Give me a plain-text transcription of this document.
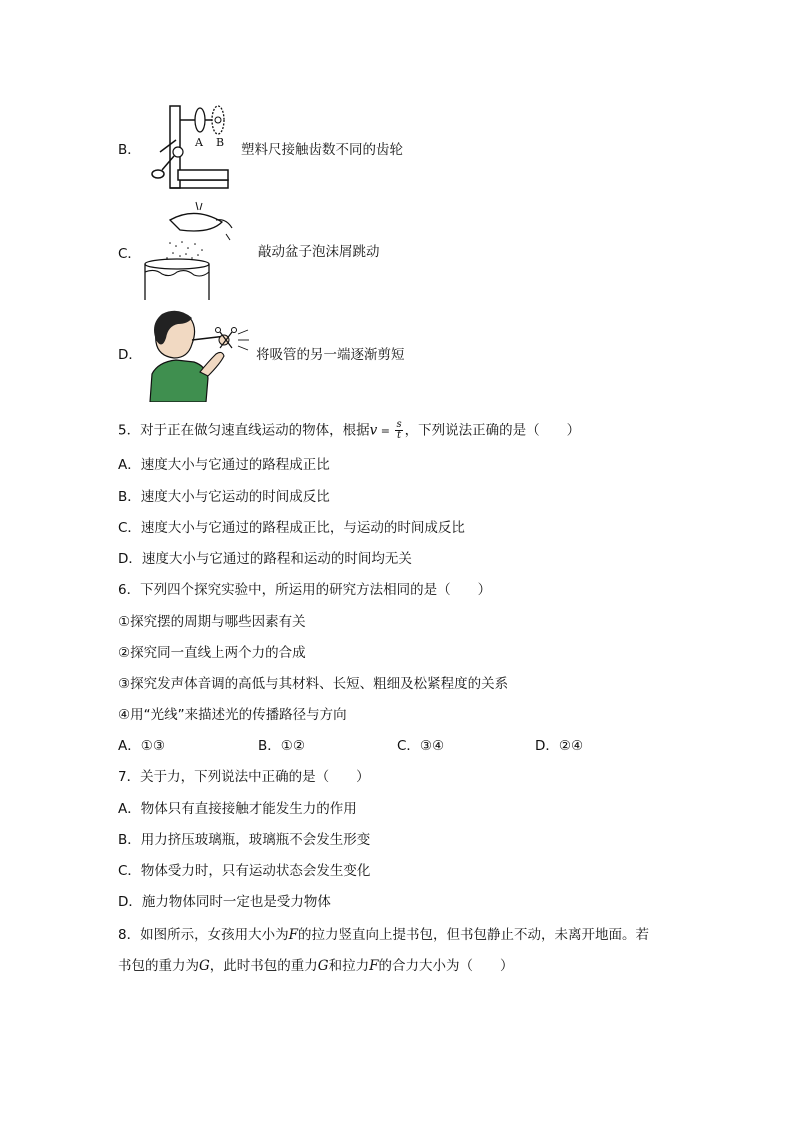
B．	A B 塑料尺接触齿数不同的齿轮
C．	敲动盆子泡沫屑跳动
D．	将吸管的另一端逐渐剪短
5．对于正在做匀速直线运动的物体，根据$v = \frac{s}{t}$ ，下列说法正确的是（　　）
A．速度大小与它通过的路程成正比
B．速度大小与它运动的时间成反比
C．速度大小与它通过的路程成正比，与运动的时间成反比
D．速度大小与它通过的路程和运动的时间均无关
6．下列四个探究实验中，所运用的研究方法相同的是（　　）
①探究摆的周期与哪些因素有关
②探究同一直线上两个力的合成
③探究发声体音调的高低与其材料、长短、粗细及松紧程度的关系
④用“光线”来描述光的传播路径与方向
A．①③	B．①②	C．③④	D．②④
7．关于力，下列说法中正确的是（　　）
A．物体只有直接接触才能发生力的作用
B．用力挤压玻璃瓶，玻璃瓶不会发生形变
C．物体受力时，只有运动状态会发生变化
D．施力物体同时一定也是受力物体
8．如图所示，女孩用大小为F的拉力竖直向上提书包，但书包静止不动，未离开地面。若
书包的重力为G，此时书包的重力G和拉力F的合力大小为（　　）
